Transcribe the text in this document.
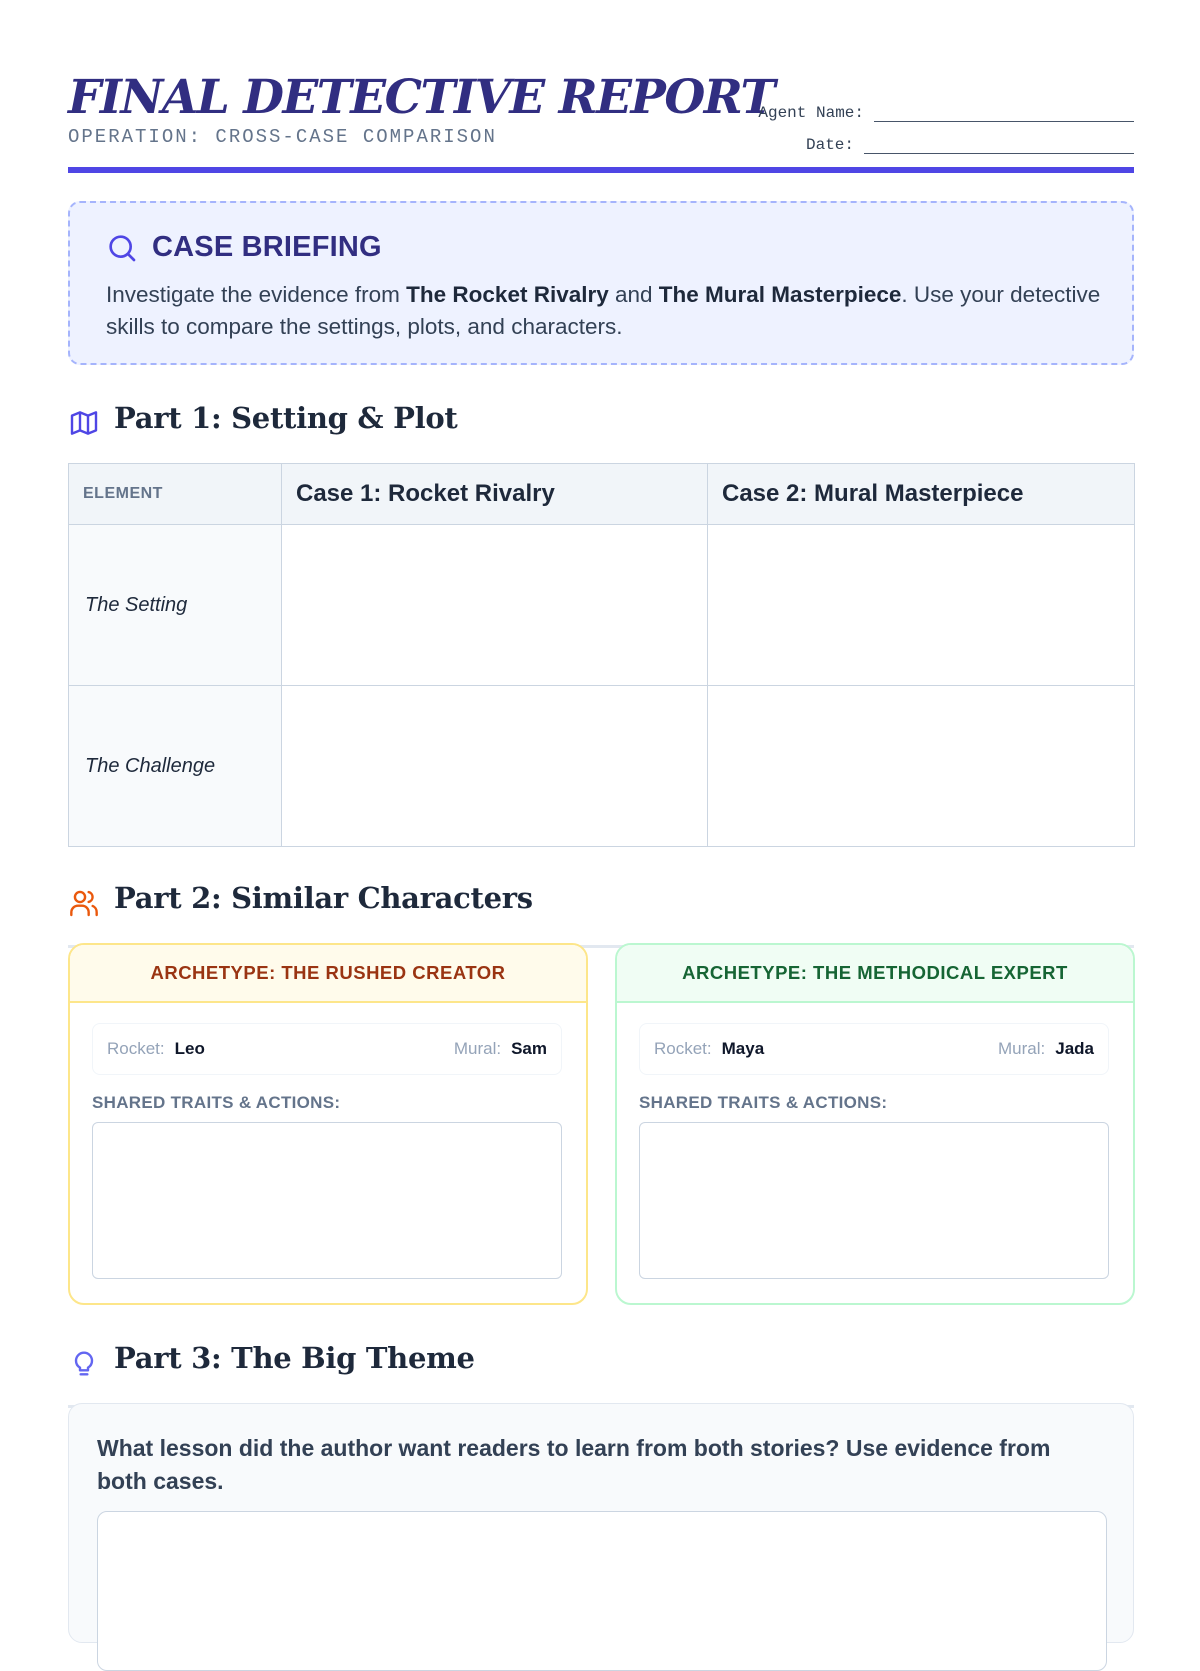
FINAL DETECTIVE REPORT
OPERATION: CROSS-CASE COMPARISON
Agent Name:
Date:
CASE BRIEFING
Investigate the evidence from The Rocket Rivalry and The Mural Masterpiece. Use your detective skills to compare the settings, plots, and characters.
Part 1: Setting & Plot
ELEMENT	Case 1: Rocket Rivalry	Case 2: Mural Masterpiece
The Setting		
The Challenge		
Part 2: Similar Characters
ARCHETYPE: THE RUSHED CREATOR
Rocket: Leo	Mural: Sam
SHARED TRAITS & ACTIONS:
ARCHETYPE: THE METHODICAL EXPERT
Rocket: Maya	Mural: Jada
SHARED TRAITS & ACTIONS:
Part 3: The Big Theme
What lesson did the author want readers to learn from both stories? Use evidence from both cases.
